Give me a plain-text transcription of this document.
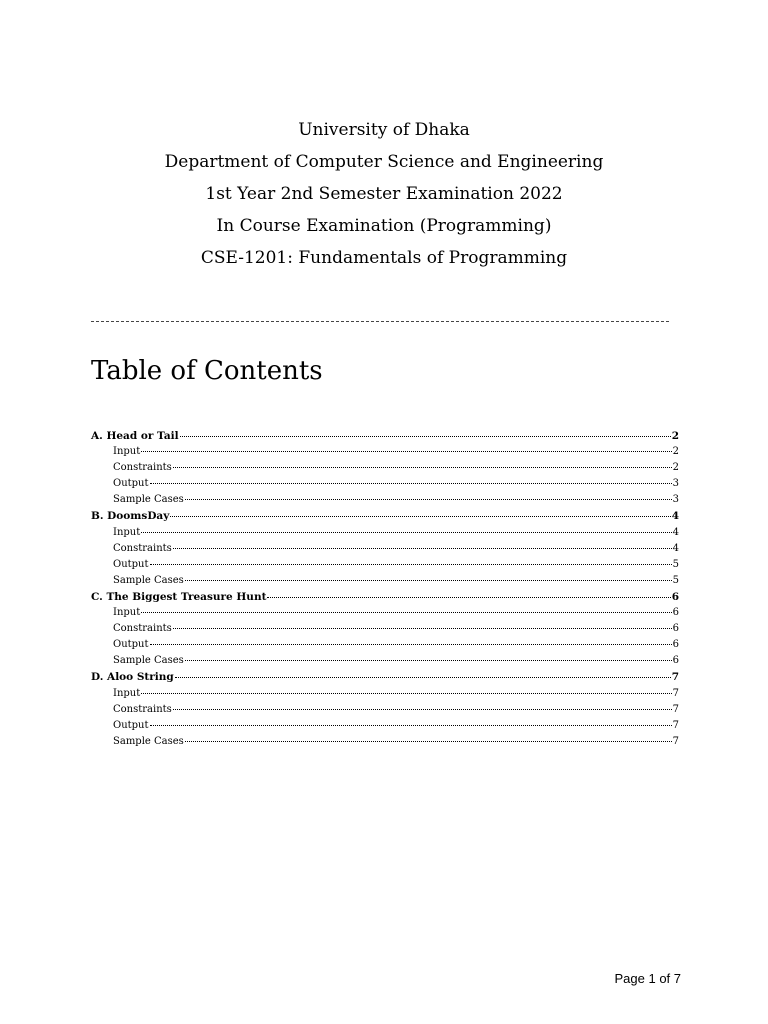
University of Dhaka
Department of Computer Science and Engineering
1st Year 2nd Semester Examination 2022
In Course Examination (Programming)
CSE-1201: Fundamentals of Programming
Table of Contents
A. Head or Tail	2
Input	2
Constraints	2
Output	3
Sample Cases	3
B. DoomsDay	4
Input	4
Constraints	4
Output	5
Sample Cases	5
C. The Biggest Treasure Hunt	6
Input	6
Constraints	6
Output	6
Sample Cases	6
D. Aloo String	7
Input	7
Constraints	7
Output	7
Sample Cases	7
Page 1 of 7
